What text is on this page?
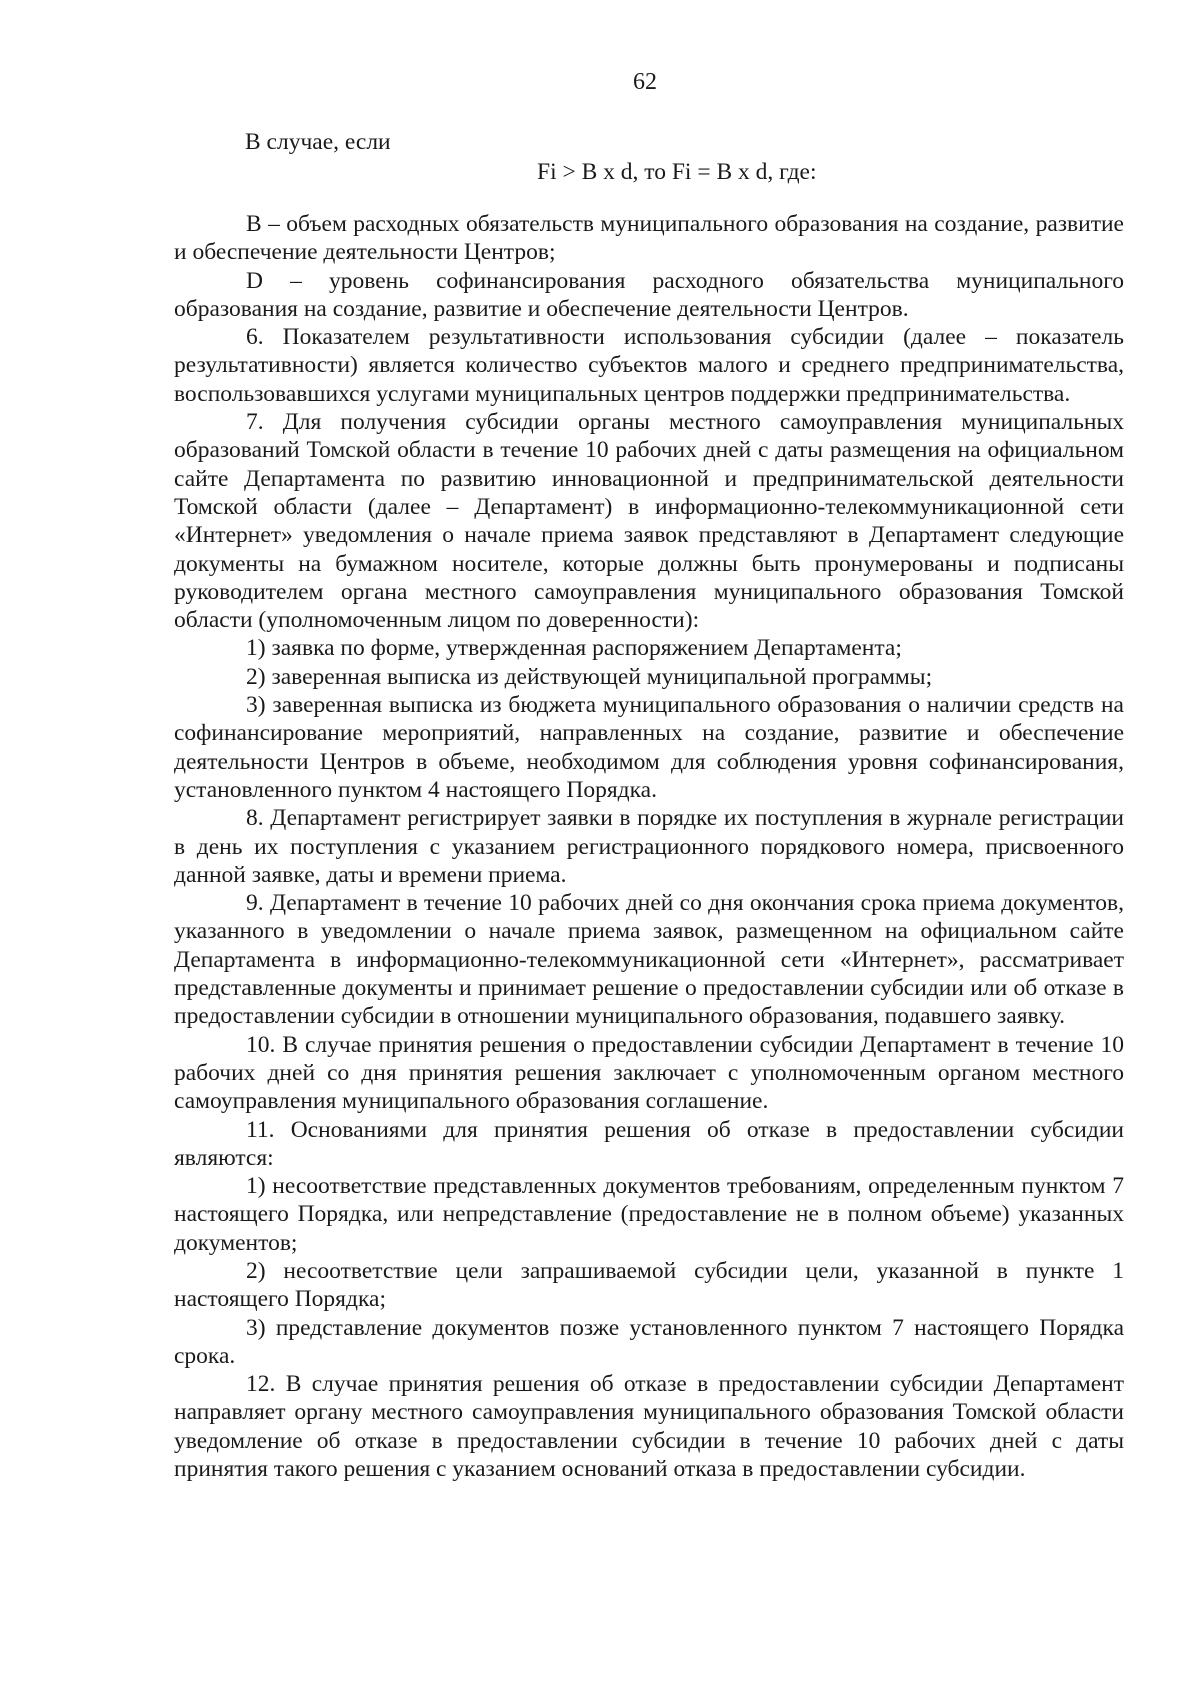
62
В случае, если
Fi > B x d, то Fi = B x d, где:

B – объем расходных обязательств муниципального образования на создание, развитие и обеспечение деятельности Центров;

D – уровень софинансирования расходного обязательства муниципального образования на создание, развитие и обеспечение деятельности Центров.

6. Показателем результативности использования субсидии (далее – показатель результативности) является количество субъектов малого и среднего предпринимательства, воспользовавшихся услугами муниципальных центров поддержки предпринимательства.

7. Для получения субсидии органы местного самоуправления муниципальных образований Томской области в течение 10 рабочих дней с даты размещения на официальном сайте Департамента по развитию инновационной и предпринимательской деятельности Томской области (далее – Департамент) в информационно-телекоммуникационной сети «Интернет» уведомления о начале приема заявок представляют в Департамент следующие документы на бумажном носителе, которые должны быть пронумерованы и подписаны руководителем органа местного самоуправления муниципального образования Томской области (уполномоченным лицом по доверенности):

1) заявка по форме, утвержденная распоряжением Департамента;

2) заверенная выписка из действующей муниципальной программы;

3) заверенная выписка из бюджета муниципального образования о наличии средств на софинансирование мероприятий, направленных на создание, развитие и обеспечение деятельности Центров в объеме, необходимом для соблюдения уровня софинансирования, установленного пунктом 4 настоящего Порядка.

8. Департамент регистрирует заявки в порядке их поступления в журнале регистрации в день их поступления с указанием регистрационного порядкового номера, присвоенного данной заявке, даты и времени приема.

9. Департамент в течение 10 рабочих дней со дня окончания срока приема документов, указанного в уведомлении о начале приема заявок, размещенном на официальном сайте Департамента в информационно-телекоммуникационной сети «Интернет», рассматривает представленные документы и принимает решение о предоставлении субсидии или об отказе в предоставлении субсидии в отношении муниципального образования, подавшего заявку.

10. В случае принятия решения о предоставлении субсидии Департамент в течение 10 рабочих дней со дня принятия решения заключает с уполномоченным органом местного самоуправления муниципального образования соглашение.

11. Основаниями для принятия решения об отказе в предоставлении субсидии являются:

1) несоответствие представленных документов требованиям, определенным пунктом 7 настоящего Порядка, или непредставление (предоставление не в полном объеме) указанных документов;

2) несоответствие цели запрашиваемой субсидии цели, указанной в пункте 1 настоящего Порядка;

3) представление документов позже установленного пунктом 7 настоящего Порядка срока.

12. В случае принятия решения об отказе в предоставлении субсидии Департамент направляет органу местного самоуправления муниципального образования Томской области уведомление об отказе в предоставлении субсидии в течение 10 рабочих дней с даты принятия такого решения с указанием оснований отказа в предоставлении субсидии.
